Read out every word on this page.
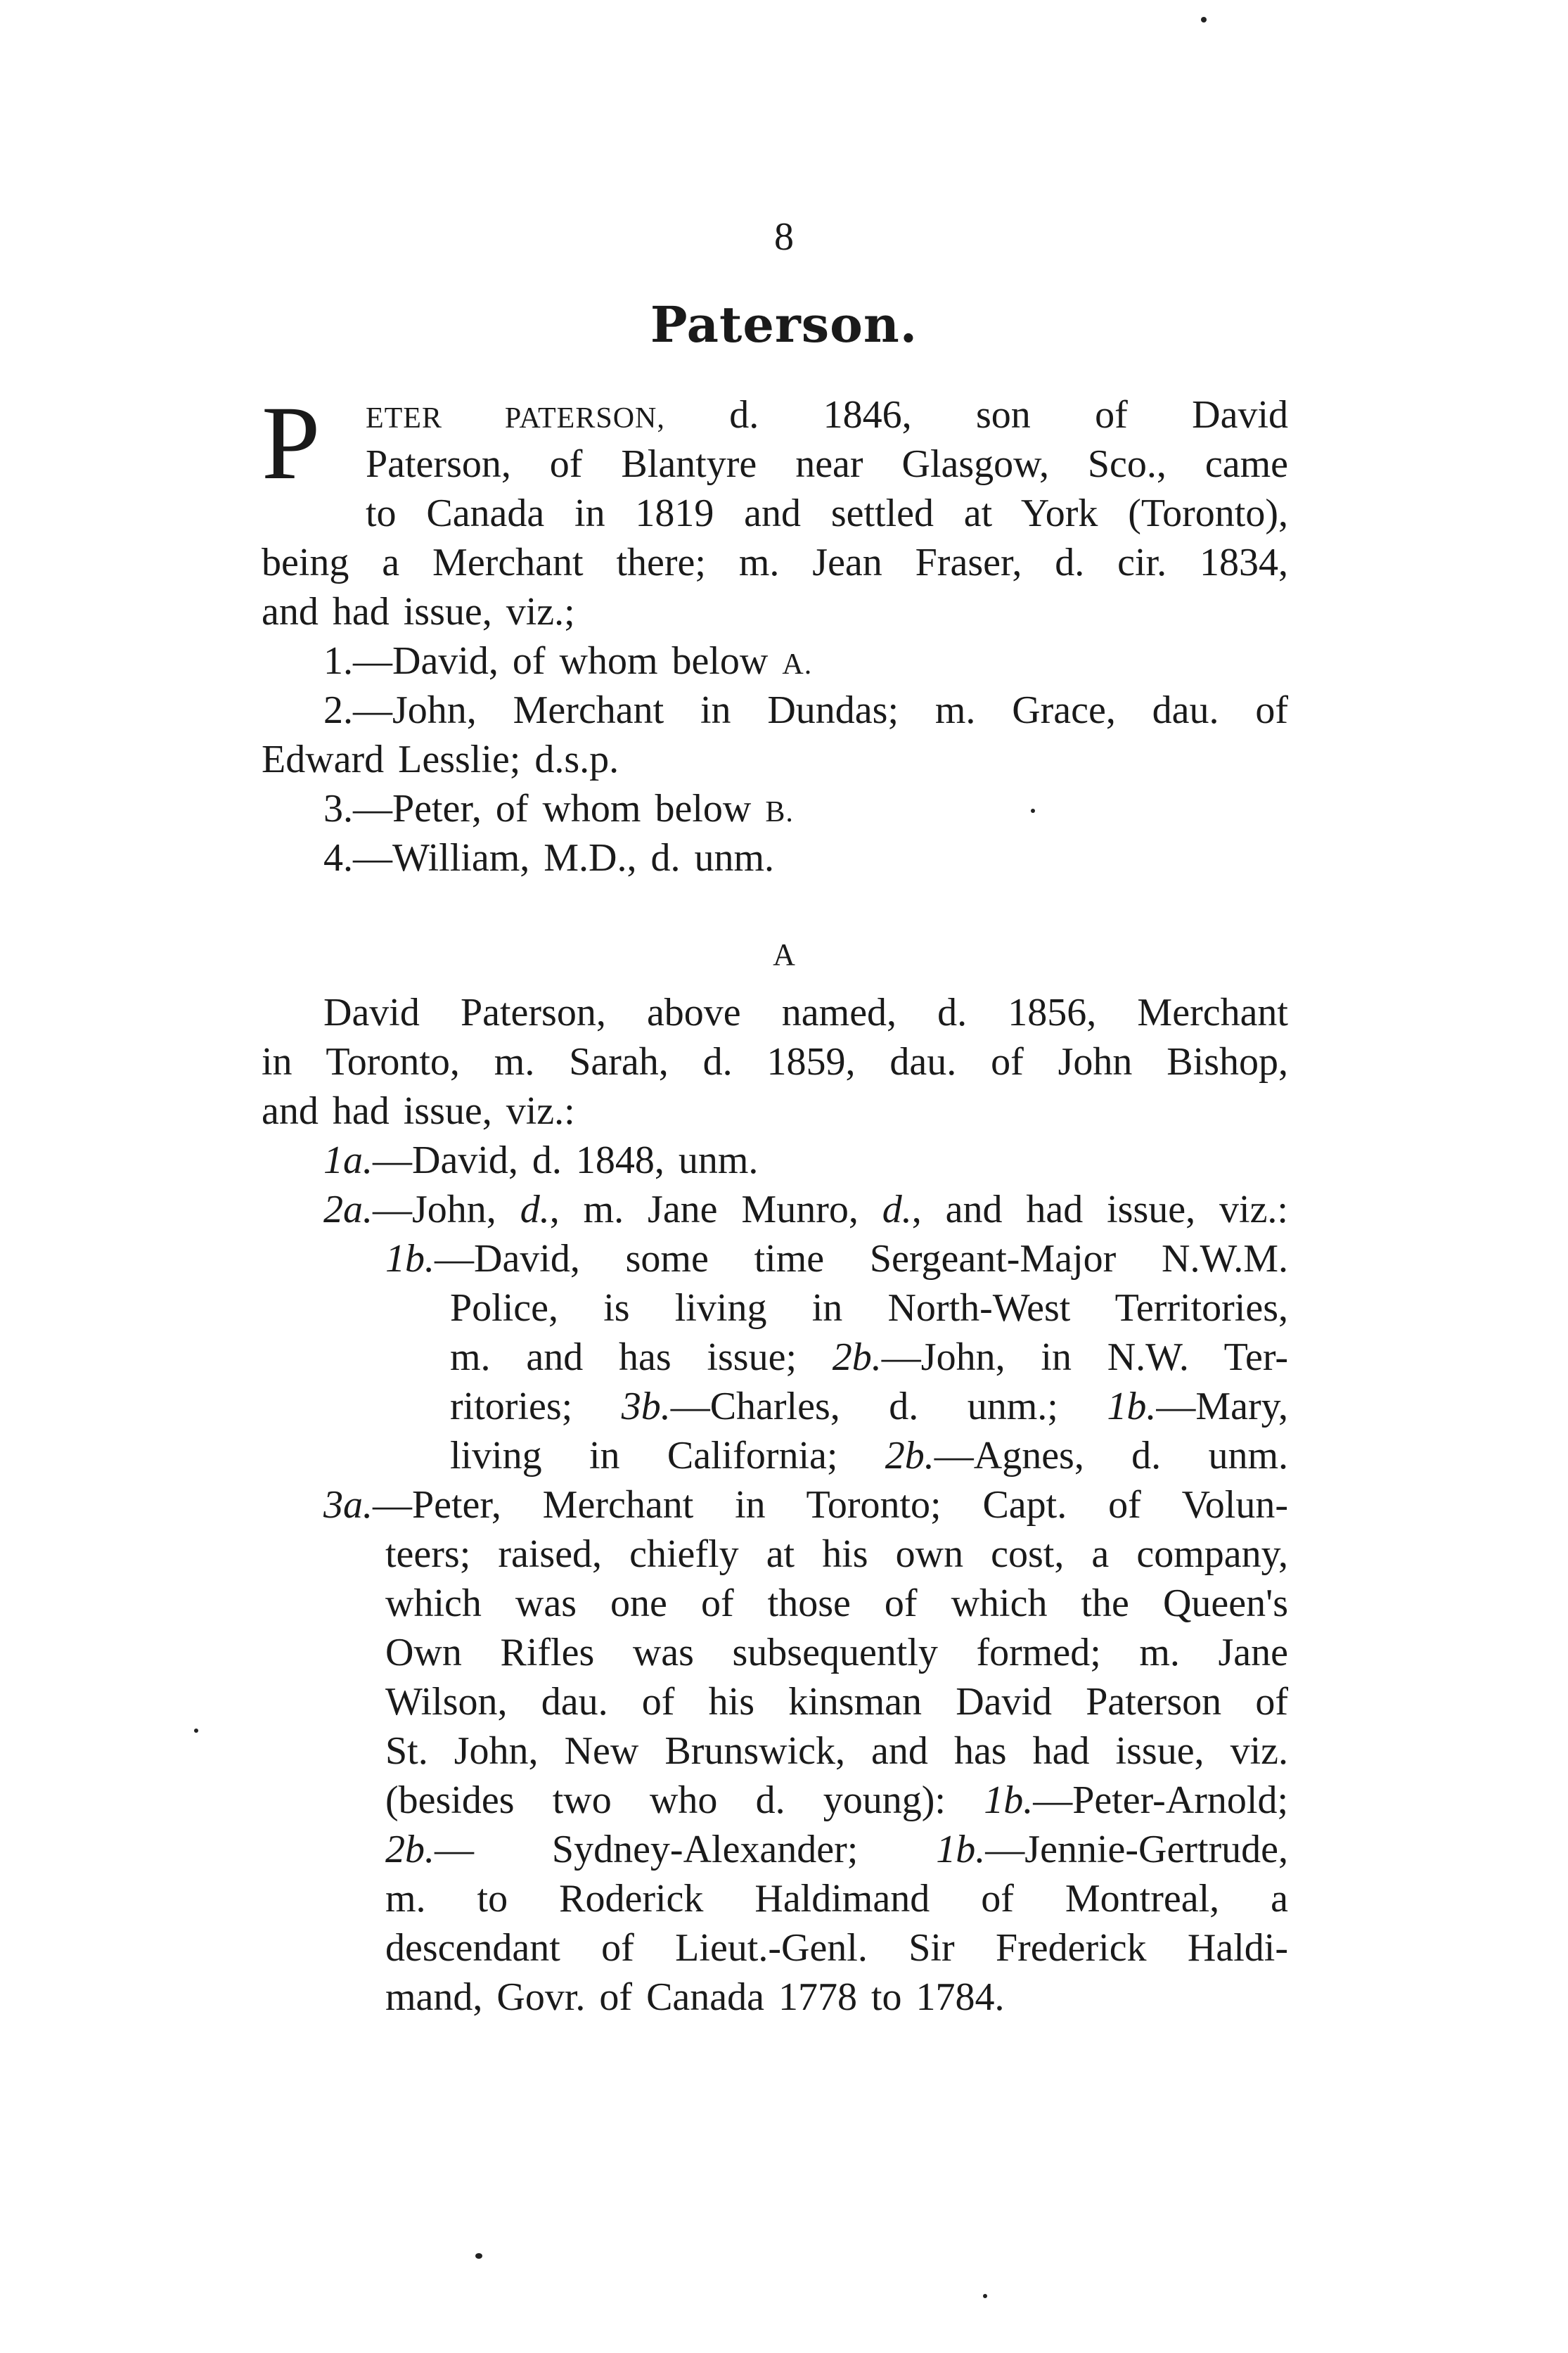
8
Paterson.
P ETER PATERSON, d. 1846, son of David
Paterson, of Blantyre near Glasgow, Sco., came
to Canada in 1819 and settled at York (Toronto),
being a Merchant there; m. Jean Fraser, d. cir. 1834,
and had issue, viz.;
1.—David, of whom below A.
2.—John, Merchant in Dundas; m. Grace, dau. of
Edward Lesslie; d.s.p.
3.—Peter, of whom below B.
4.—William, M.D., d. unm.
A
David Paterson, above named, d. 1856, Merchant
in Toronto, m. Sarah, d. 1859, dau. of John Bishop,
and had issue, viz.:
1a.—David, d. 1848, unm.
2a.—John, d., m. Jane Munro, d., and had issue, viz.:
1b.—David, some time Sergeant-Major N.W.M.
Police, is living in North-West Territories,
m. and has issue; 2b.—John, in N.W. Ter-
ritories; 3b.—Charles, d. unm.; 1b.—Mary,
living in California; 2b.—Agnes, d. unm.
3a.—Peter, Merchant in Toronto; Capt. of Volun-
teers; raised, chiefly at his own cost, a company,
which was one of those of which the Queen's
Own Rifles was subsequently formed; m. Jane
Wilson, dau. of his kinsman David Paterson of
St. John, New Brunswick, and has had issue, viz.
(besides two who d. young): 1b.—Peter-Arnold;
2b.— Sydney-Alexander; 1b.—Jennie-Gertrude,
m. to Roderick Haldimand of Montreal, a
descendant of Lieut.-Genl. Sir Frederick Haldi-
mand, Govr. of Canada 1778 to 1784.
